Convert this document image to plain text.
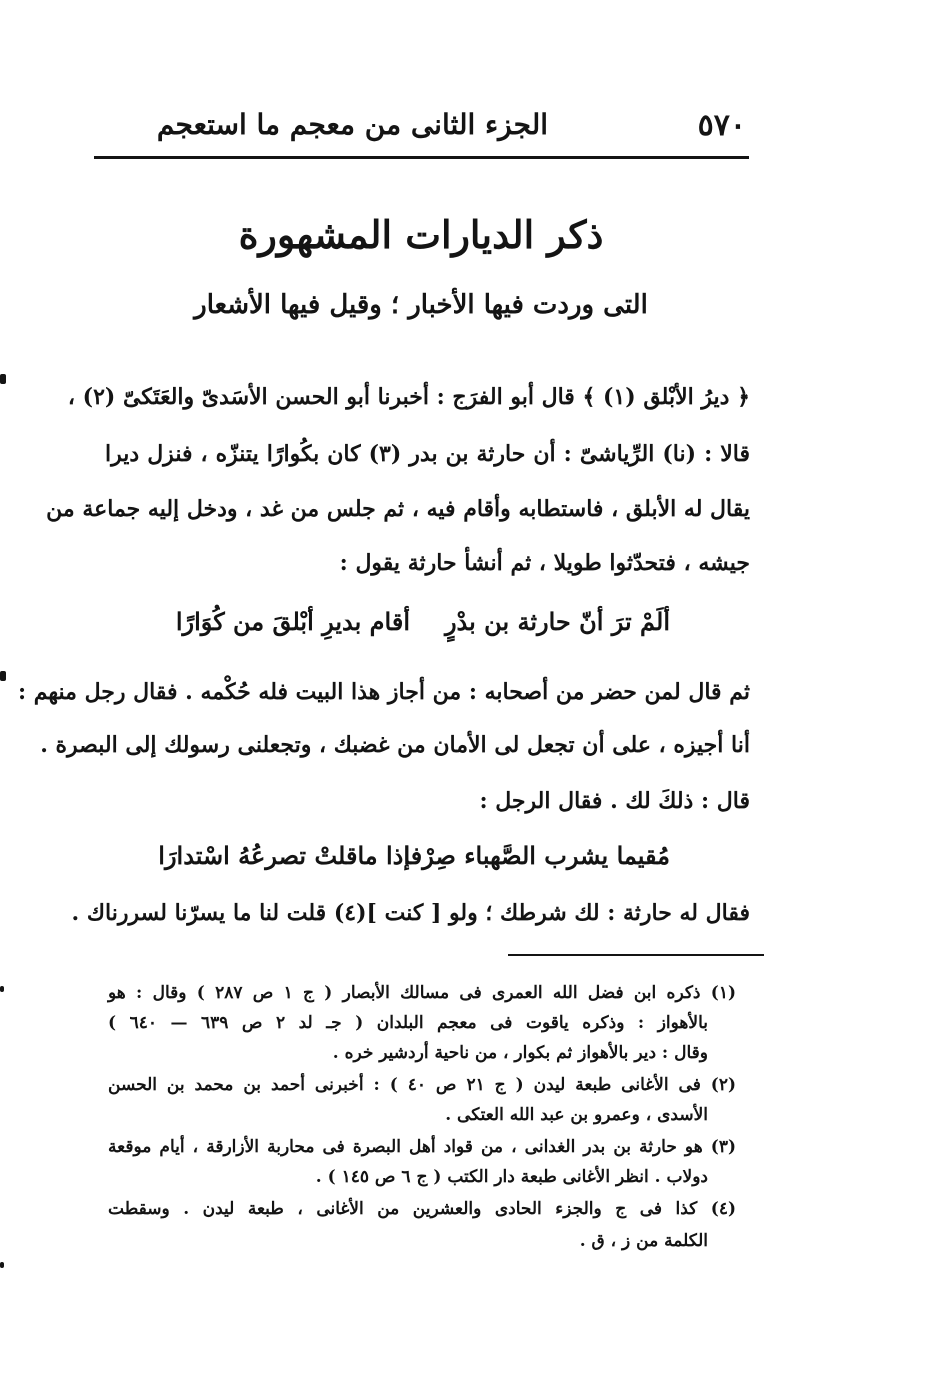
٥٧٠
الجزء الثانى من معجم ما استعجم
ذكر الديارات المشهورة
التى وردت فيها الأخبار ؛ وقيل فيها الأشعار
﴿ ديرُ الأبْلق (١) ﴾ قال أبو الفرَج : أخبرنا أبو الحسن الأسَدىّ والعَتَكىّ (٢) ،
قالا : (نا) الرِّياشىّ : أن حارثة بن بدر (٣) كان بكُوارًا يتنزّه ، فنزل ديرا
يقال له الأبلق ، فاستطابه وأقام فيه ، ثم جلس من غد ، ودخل إليه جماعة من
جيشه ، فتحدّثوا طويلا ، ثم أنشأ حارثة يقول :
ألَمْ ترَ أنّ حارثة بن بدْرٍ
أقام بديرِ أبْلقَ من كُوَارًا
ثم قال لمن حضر من أصحابه : من أجاز هذا البيت فله حُكْمه . فقال رجل منهم :
أنا أجيزه ، على أن تجعل لى الأمان من غضبك ، وتجعلنى رسولك إلى البصرة .
قال : ذلكَ لك . فقال الرجل :
مُقيما يشرب الصَّهباء صِرْفا
إذا ماقلتْ تصرعُهُ اسْتدارَا
فقال له حارثة : لك شرطك ؛ ولو [ كنت ](٤) قلت لنا ما يسرّنا لسررناك .
(١) ذكره ابن فضل الله العمرى فى مسالك الأبصار ( ج ١ ص ٢٨٧ ) وقال : هو
بالأهواز : وذكره ياقوت فى معجم البلدان ( جـ لد ٢ ص ٦٣٩ — ٦٤٠ )
وقال : دير بالأهواز ثم بكوار ، من ناحية أردشير خره .
(٢) فى الأغانى طبعة ليدن ( ج ٢١ ص ٤٠ ) : أخبرنى أحمد بن محمد بن الحسن
الأسدى ، وعمرو بن عبد الله العتكى .
(٣) هو حارثة بن بدر الغدانى ، من قواد أهل البصرة فى محاربة الأزارقة ، أيام موقعة
دولاب . انظر الأغانى طبعة دار الكتب ( ج ٦ ص ١٤٥ ) .
(٤) كذا فى ج والجزء الحادى والعشرين من الأغانى ، طبعة ليدن . وسقطت
الكلمة من ز ، ق .
